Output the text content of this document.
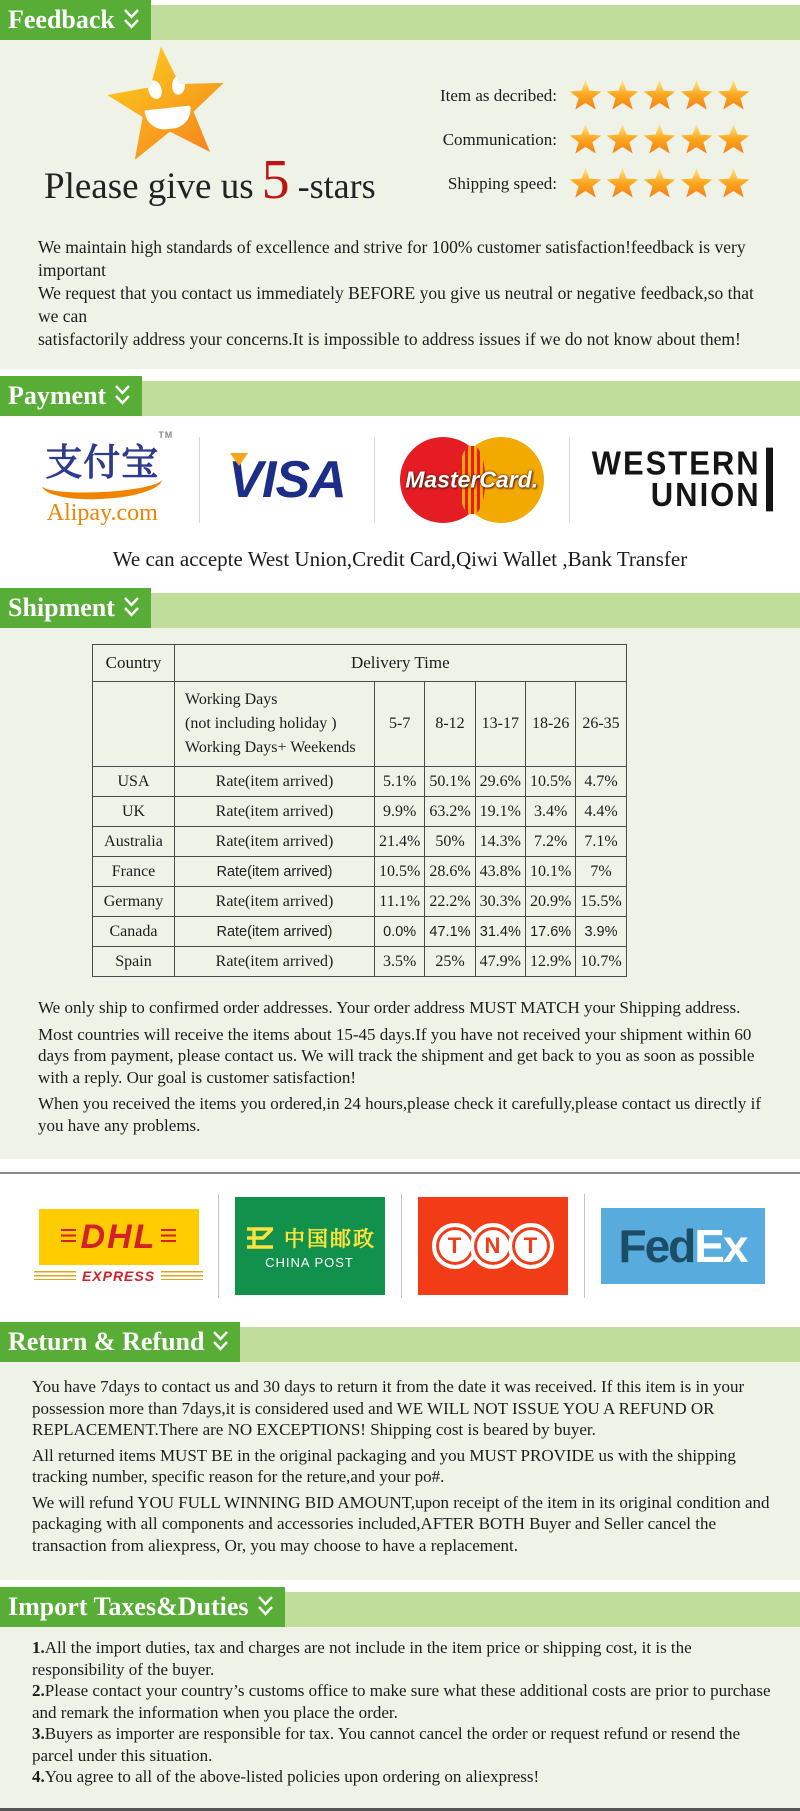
Feedback
Please give us 5 -stars
Item as decribed:
Communication:
Shipping speed:
We maintain high standards of excellence and strive for 100% customer satisfaction!feedback is very important
We request that you contact us immediately BEFORE you give us neutral or negative feedback,so that we can
satisfactorily address your concerns.It is impossible to address issues if we do not know about them!
Payment
支付宝
TM
Alipay.com
VISA	MasterCard. WESTERN
UNION
We can accepte West Union,Credit Card,Qiwi Wallet ,Bank Transfer
Shipment
Country	Delivery Time					

	Working Days
(not including holiday )
Working Days+ Weekends	5-7	8-12	13-17	18-26	26-35
USA	Rate(item arrived)	5.1%	50.1%	29.6%	10.5%	4.7%
UK	Rate(item arrived)	9.9%	63.2%	19.1%	3.4%	4.4%
Australia	Rate(item arrived)	21.4%	50%	14.3%	7.2%	7.1%
France	Rate(item arrived)	10.5%	28.6%	43.8%	10.1%	7%
Germany	Rate(item arrived)	11.1%	22.2%	30.3%	20.9%	15.5%
Canada	Rate(item arrived)	0.0%	47.1%	31.4%	17.6%	3.9%
Spain	Rate(item arrived)	3.5%	25%	47.9%	12.9%	10.7%

We only ship to confirmed order addresses. Your order address MUST MATCH your Shipping address.

Most countries will receive the items about 15-45 days.If you have not received your shipment within 60 days from payment, please contact us. We will track the shipment and get back to you as soon as possible with a reply. Our goal is customer satisfaction!

When you received the items you ordered,in 24 hours,please check it carefully,please contact us directly if you have any problems.

DHL
EXPRESS
中国邮政
CHINA POST
T	N	T	Fed Ex
Return & Refund

You have 7days to contact us and 30 days to return it from the date it was received. If this item is in your possession more than 7days,it is considered used and WE WILL NOT ISSUE YOU A REFUND OR REPLACEMENT.There are NO EXCEPTIONS! Shipping cost is beared by buyer.

All returned items MUST BE in the original packaging and you MUST PROVIDE us with the shipping tracking number, specific reason for the reture,and your po#.

We will refund YOU FULL WINNING BID AMOUNT,upon receipt of the item in its original condition and packaging with all components and accessories included,AFTER BOTH Buyer and Seller cancel the transaction from aliexpress, Or, you may choose to have a replacement.

Import Taxes&Duties

1.All the import duties, tax and charges are not include in the item price or shipping cost, it is the responsibility of the buyer.

2.Please contact your country’s customs office to make sure what these additional costs are prior to purchase and remark the information when you place the order.

3.Buyers as importer are responsible for tax. You cannot cancel the order or request refund or resend the parcel under this situation.

4.You agree to all of the above-listed policies upon ordering on aliexpress!
